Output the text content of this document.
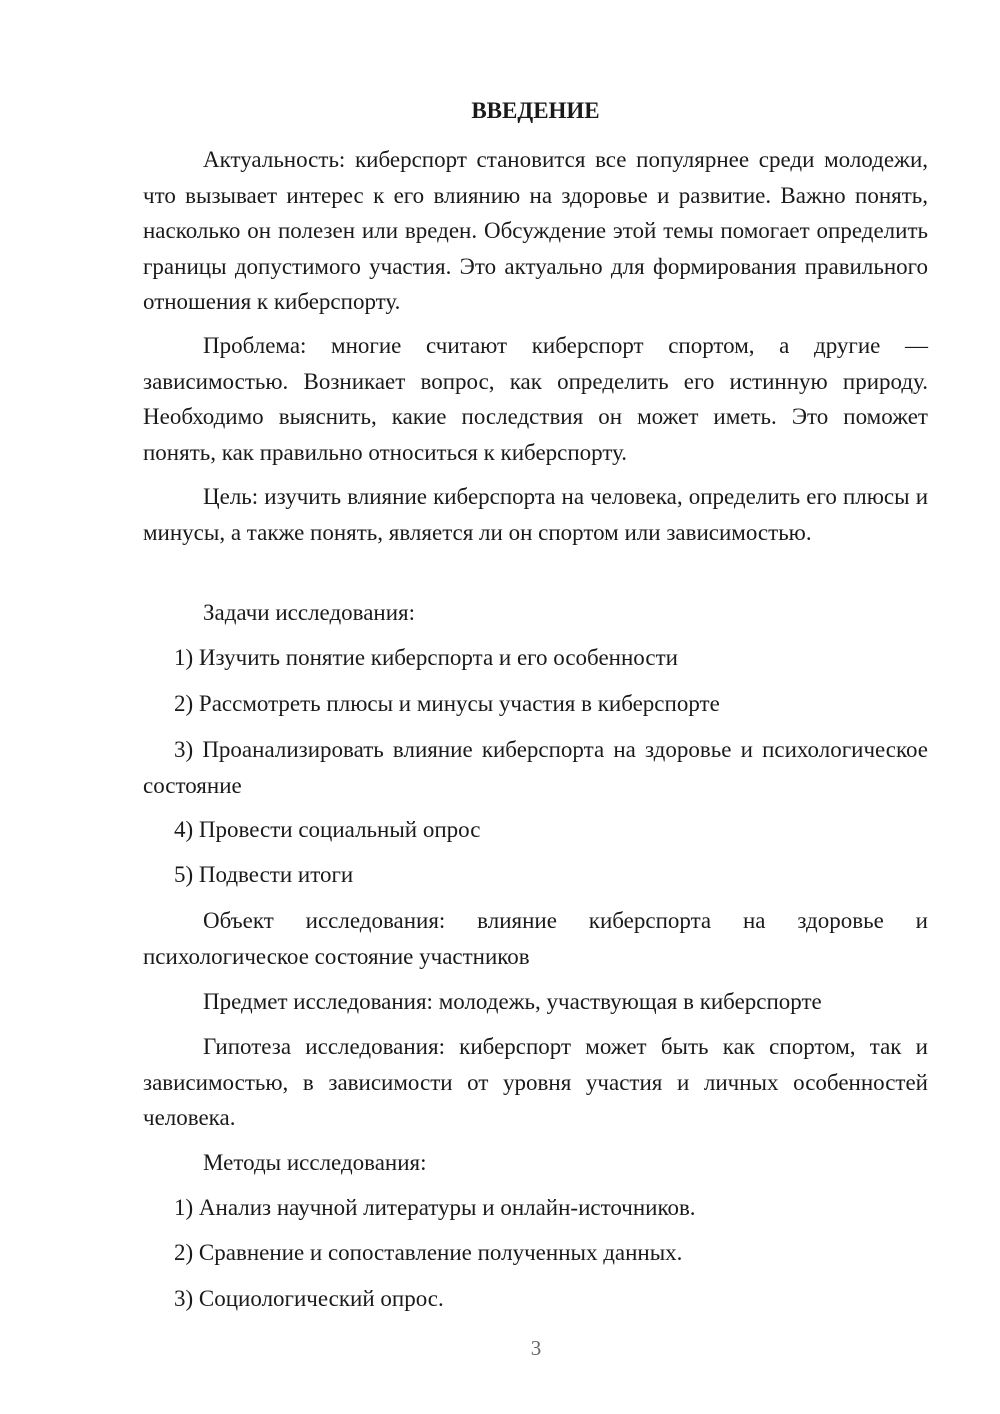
ВВЕДЕНИЕ

Актуальность: киберспорт становится все популярнее среди молодежи, что вызывает интерес к его влиянию на здоровье и развитие. Важно понять, насколько он полезен или вреден. Обсуждение этой темы помогает определить границы допустимого участия. Это актуально для формирования правильного отношения к киберспорту.

Проблема: многие считают киберспорт спортом, а другие — зависимостью. Возникает вопрос, как определить его истинную природу. Необходимо выяснить, какие последствия он может иметь. Это поможет понять, как правильно относиться к киберспорту.

Цель: изучить влияние киберспорта на человека, определить его плюсы и минусы, а также понять, является ли он спортом или зависимостью.

Задачи исследования:

1) Изучить понятие киберспорта и его особенности

2) Рассмотреть плюсы и минусы участия в киберспорте

3) Проанализировать влияние киберспорта на здоровье и психологическое состояние

4) Провести социальный опрос

5) Подвести итоги

Объект исследования: влияние киберспорта на здоровье и психологическое состояние участников

Предмет исследования: молодежь, участвующая в киберспорте

Гипотеза исследования: киберспорт может быть как спортом, так и зависимостью, в зависимости от уровня участия и личных особенностей человека.

Методы исследования:

1) Анализ научной литературы и онлайн-источников.

2) Сравнение и сопоставление полученных данных.

3) Социологический опрос.

3
